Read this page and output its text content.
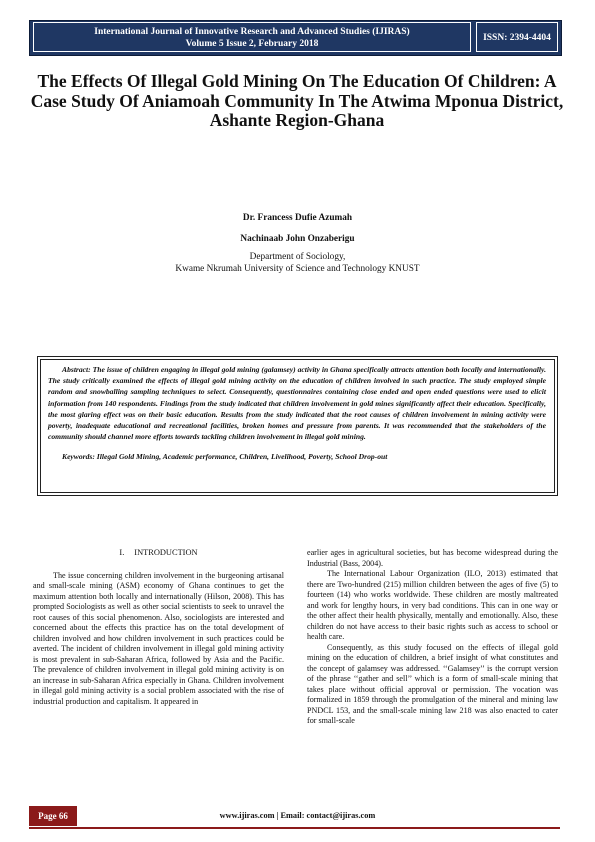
International Journal of Innovative Research and Advanced Studies (IJIRAS)
Volume 5 Issue 2, February 2018
ISSN: 2394-4404
The Effects Of Illegal Gold Mining On The Education Of Children: A Case Study Of Aniamoah Community In The Atwima Mponua District, Ashante Region-Ghana
Dr. Francess Dufie Azumah
Nachinaab John Onzaberigu
Department of Sociology,
Kwame Nkrumah University of Science and Technology KNUST

Abstract: The issue of children engaging in illegal gold mining (galamsey) activity in Ghana specifically attracts attention both locally and internationally. The study critically examined the effects of illegal gold mining activity on the education of children involved in such practice. The study employed simple random and snowballing sampling techniques to select. Consequently, questionnaires containing close ended and open ended questions were used to elicit information from 140 respondents. Findings from the study indicated that children involvement in gold mines significantly affect their education. Specifically, the most glaring effect was on their basic education. Results from the study indicated that the root causes of children involvement in mining activity were poverty, inadequate educational and recreational facilities, broken homes and pressure from parents. It was recommended that the stakeholders of the community should channel more efforts towards tackling children involvement in illegal gold mining.

Keywords: Illegal Gold Mining, Academic performance, Children, Livelihood, Poverty, School Drop-out

I. INTRODUCTION

The issue concerning children involvement in the burgeoning artisanal and small-scale mining (ASM) economy of Ghana continues to get the maximum attention both locally and internationally (Hilson, 2008). This has prompted Sociologists as well as other social scientists to seek to unravel the root causes of this social phenomenon. Also, sociologists are interested and concerned about the effects this practice has on the total development of children involved and how children involvement in such practices could be averted. The incident of children involvement in illegal gold mining activity is most prevalent in sub-Saharan Africa, followed by Asia and the Pacific. The prevalence of children involvement in illegal gold mining activity is on an increase in sub-Saharan Africa especially in Ghana. Children involvement in illegal gold mining activity is a social problem associated with the rise of industrial production and capitalism. It appeared in

earlier ages in agricultural societies, but has become widespread during the Industrial (Bass, 2004).

The International Labour Organization (ILO, 2013) estimated that there are Two-hundred (215) million children between the ages of five (5) to fourteen (14) who works worldwide. These children are mostly maltreated and work for lengthy hours, in very bad conditions. This can in one way or the other affect their health physically, mentally and emotionally. Also, these children do not have access to their basic rights such as access to school or health care.

Consequently, as this study focused on the effects of illegal gold mining on the education of children, a brief insight of what constitutes and the concept of galamsey was addressed. ‘‘Galamsey’’ is the corrupt version of the phrase ‘‘gather and sell’’ which is a form of small-scale mining that takes place without official approval or permission. The vocation was formalized in 1859 through the promulgation of the mineral and mining law PNDCL 153, and the small-scale mining law 218 was also enacted to cater for small-scale

Page 66	www.ijiras.com | Email: contact@ijiras.com
